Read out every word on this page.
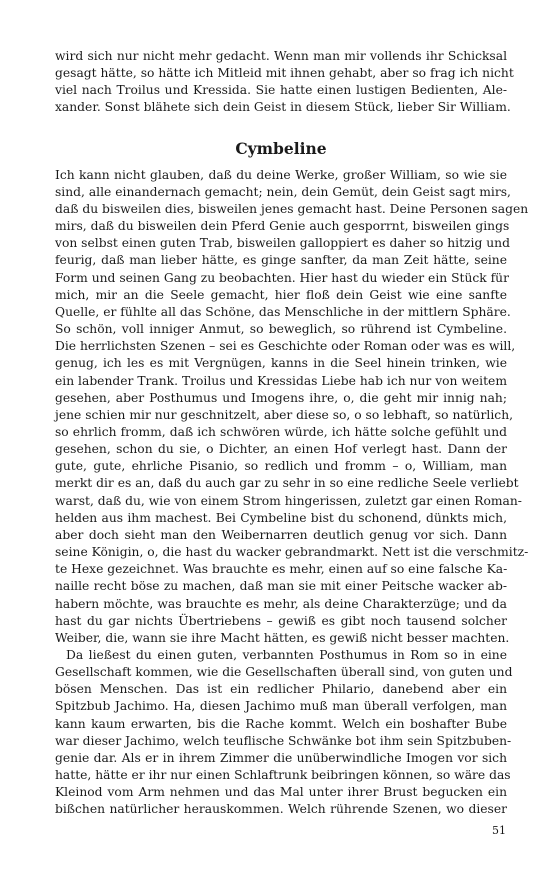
wird sich nur nicht mehr gedacht. Wenn man mir vollends ihr Schicksal
gesagt hätte, so hätte ich Mitleid mit ihnen gehabt, aber so frag ich nicht
viel nach Troilus und Kressida. Sie hatte einen lustigen Bedienten, Ale-
xander. Sonst blähete sich dein Geist in diesem Stück, lieber Sir William.
Cymbeline
Ich kann nicht glauben, daß du deine Werke, großer William, so wie sie
sind, alle einandernach gemacht; nein, dein Gemüt, dein Geist sagt mirs,
daß du bisweilen dies, bisweilen jenes gemacht hast. Deine Personen sagen
mirs, daß du bisweilen dein Pferd Genie auch gesporrnt, bisweilen gings
von selbst einen guten Trab, bisweilen galloppiert es daher so hitzig und
feurig, daß man lieber hätte, es ginge sanfter, da man Zeit hätte, seine
Form und seinen Gang zu beobachten. Hier hast du wieder ein Stück für
mich, mir an die Seele gemacht, hier floß dein Geist wie eine sanfte
Quelle, er fühlte all das Schöne, das Menschliche in der mittlern Sphäre.
So schön, voll inniger Anmut, so beweglich, so rührend ist Cymbeline.
Die herrlichsten Szenen – sei es Geschichte oder Roman oder was es will,
genug, ich les es mit Vergnügen, kanns in die Seel hinein trinken, wie
ein labender Trank. Troilus und Kressidas Liebe hab ich nur von weitem
gesehen, aber Posthumus und Imogens ihre, o, die geht mir innig nah;
jene schien mir nur geschnitzelt, aber diese so, o so lebhaft, so natürlich,
so ehrlich fromm, daß ich schwören würde, ich hätte solche gefühlt und
gesehen, schon du sie, o Dichter, an einen Hof verlegt hast. Dann der
gute, gute, ehrliche Pisanio, so redlich und fromm – o, William, man
merkt dir es an, daß du auch gar zu sehr in so eine redliche Seele verliebt
warst, daß du, wie von einem Strom hingerissen, zuletzt gar einen Roman-
helden aus ihm machest. Bei Cymbeline bist du schonend, dünkts mich,
aber doch sieht man den Weibernarren deutlich genug vor sich. Dann
seine Königin, o, die hast du wacker gebrandmarkt. Nett ist die verschmitz-
te Hexe gezeichnet. Was brauchte es mehr, einen auf so eine falsche Ka-
naille recht böse zu machen, daß man sie mit einer Peitsche wacker ab-
habern möchte, was brauchte es mehr, als deine Charakterzüge; und da
hast du gar nichts Übertriebens – gewiß es gibt noch tausend solcher
Weiber, die, wann sie ihre Macht hätten, es gewiß nicht besser machten.
Da ließest du einen guten, verbannten Posthumus in Rom so in eine
Gesellschaft kommen, wie die Gesellschaften überall sind, von guten und
bösen Menschen. Das ist ein redlicher Philario, danebend aber ein
Spitzbub Jachimo. Ha, diesen Jachimo muß man überall verfolgen, man
kann kaum erwarten, bis die Rache kommt. Welch ein boshafter Bube
war dieser Jachimo, welch teuflische Schwänke bot ihm sein Spitzbuben-
genie dar. Als er in ihrem Zimmer die unüberwindliche Imogen vor sich
hatte, hätte er ihr nur einen Schlaftrunk beibringen können, so wäre das
Kleinod vom Arm nehmen und das Mal unter ihrer Brust begucken ein
bißchen natürlicher herauskommen. Welch rührende Szenen, wo dieser
51
